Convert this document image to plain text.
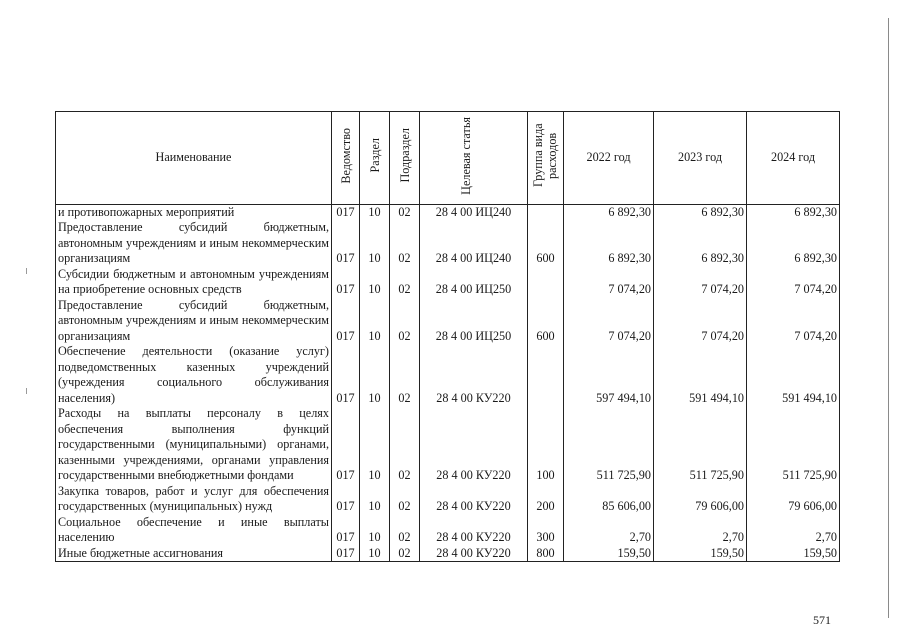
Наименование	Ведомство	Раздел	Подраздел	Целевая статья	Группа вида расходов	2022 год	2023 год	2024 год
и противопожарных мероприятий	017	10	02	28 4 00 ИЦ240		6 892,30	6 892,30	6 892,30
Предоставление субсидий бюджетным, автономным учреждениям и иным некоммерческим организациям	017	10	02	28 4 00 ИЦ240	600	6 892,30	6 892,30	6 892,30
Субсидии бюджетным и автономным учреждениям на приобретение основных средств	017	10	02	28 4 00 ИЦ250		7 074,20	7 074,20	7 074,20
Предоставление субсидий бюджетным, автономным учреждениям и иным некоммерческим организациям	017	10	02	28 4 00 ИЦ250	600	7 074,20	7 074,20	7 074,20
Обеспечение деятельности (оказание услуг) подведомственных казенных учреждений (учреждения социального обслуживания населения)	017	10	02	28 4 00 КУ220		597 494,10	591 494,10	591 494,10
Расходы на выплаты персоналу в целях обеспечения выполнения функций государственными (муниципальными) органами, казенными учреждениями, органами управления государственными внебюджетными фондами	017	10	02	28 4 00 КУ220	100	511 725,90	511 725,90	511 725,90
Закупка товаров, работ и услуг для обеспечения государственных (муниципальных) нужд	017	10	02	28 4 00 КУ220	200	85 606,00	79 606,00	79 606,00
Социальное обеспечение и иные выплаты населению	017	10	02	28 4 00 КУ220	300	2,70	2,70	2,70
Иные бюджетные ассигнования	017	10	02	28 4 00 КУ220	800	159,50	159,50	159,50
571
